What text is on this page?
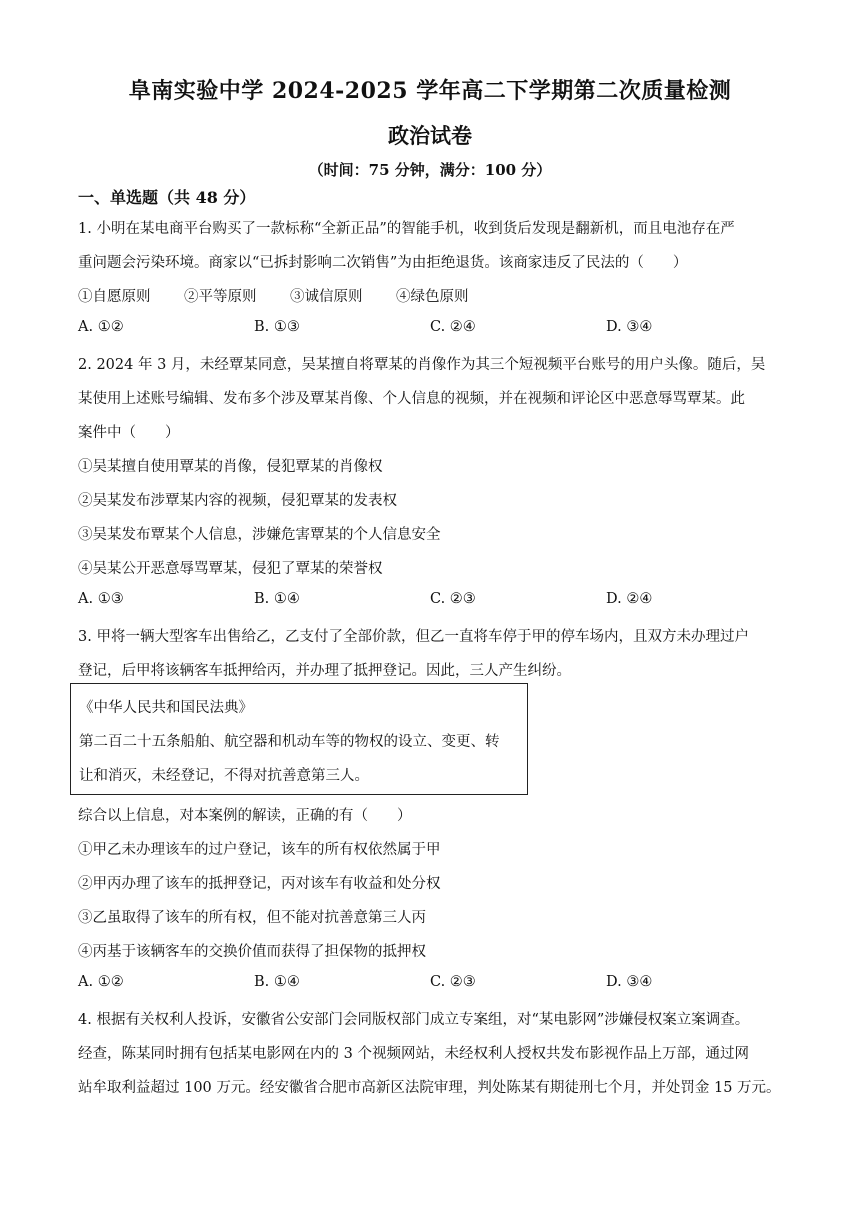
阜南实验中学 2024-2025 学年高二下学期第二次质量检测
政治试卷
（时间：75 分钟，满分：100 分）
一、单选题（共 48 分）
1. 小明在某电商平台购买了一款标称“全新正品”的智能手机，收到货后发现是翻新机，而且电池存在严
重问题会污染环境。商家以“已拆封影响二次销售”为由拒绝退货。该商家违反了民法的（　　）
①自愿原则 ②平等原则 ③诚信原则 ④绿色原则
A. ①②	B. ①③	C. ②④	D. ③④
2. 2024 年 3 月，未经覃某同意，吴某擅自将覃某的肖像作为其三个短视频平台账号的用户头像。随后，吴
某使用上述账号编辑、发布多个涉及覃某肖像、个人信息的视频，并在视频和评论区中恶意辱骂覃某。此
案件中（　　）
①吴某擅自使用覃某的肖像，侵犯覃某的肖像权
②吴某发布涉覃某内容的视频，侵犯覃某的发表权
③吴某发布覃某个人信息，涉嫌危害覃某的个人信息安全
④吴某公开恶意辱骂覃某，侵犯了覃某的荣誉权
A. ①③	B. ①④	C. ②③	D. ②④
3. 甲将一辆大型客车出售给乙，乙支付了全部价款，但乙一直将车停于甲的停车场内，且双方未办理过户
登记，后甲将该辆客车抵押给丙，并办理了抵押登记。因此，三人产生纠纷。
《中华人民共和国民法典》
第二百二十五条船舶、航空器和机动车等的物权的设立、变更、转
让和消灭，未经登记，不得对抗善意第三人。
综合以上信息，对本案例的解读，正确的有（　　）
①甲乙未办理该车的过户登记，该车的所有权依然属于甲
②甲丙办理了该车的抵押登记，丙对该车有收益和处分权
③乙虽取得了该车的所有权，但不能对抗善意第三人丙
④丙基于该辆客车的交换价值而获得了担保物的抵押权
A. ①②	B. ①④	C. ②③	D. ③④
4. 根据有关权利人投诉，安徽省公安部门会同版权部门成立专案组，对“某电影网”涉嫌侵权案立案调查。
经查，陈某同时拥有包括某电影网在内的 3 个视频网站，未经权利人授权共发布影视作品上万部，通过网
站牟取利益超过 100 万元。经安徽省合肥市高新区法院审理，判处陈某有期徒刑七个月，并处罚金 15 万元。
